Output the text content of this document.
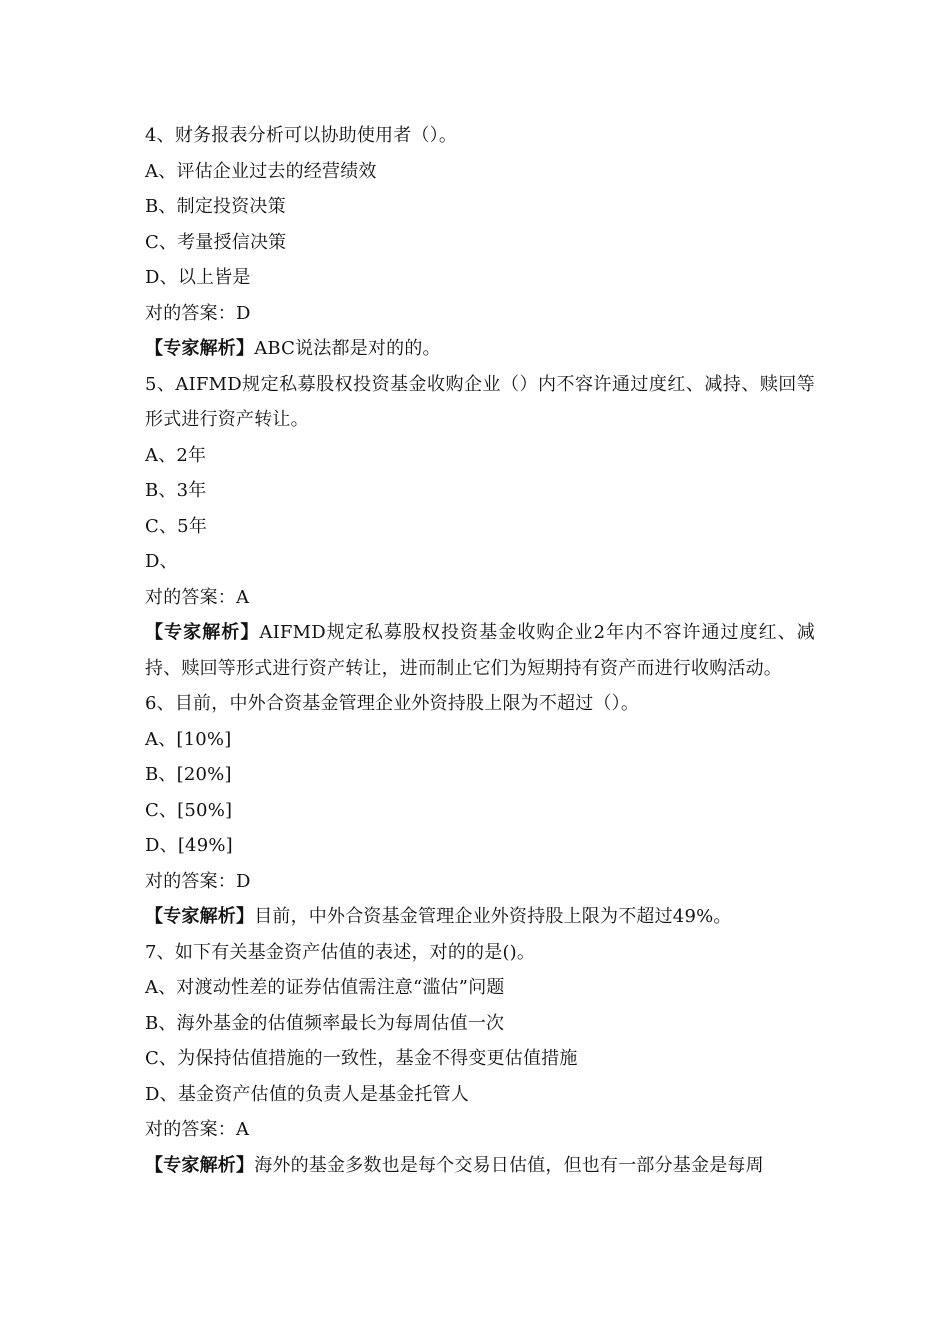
4、财务报表分析可以协助使用者（）。
A、评估企业过去的经营绩效
B、制定投资决策
C、考量授信决策
D、以上皆是
对的答案：D
【专家解析】ABC说法都是对的的。
5、AIFMD规定私募股权投资基金收购企业（）内不容许通过度红、减持、赎回等形式进行资产转让。
A、2年
B、3年
C、5年
D、
对的答案：A
【专家解析】AIFMD规定私募股权投资基金收购企业2年内不容许通过度红、减持、赎回等形式进行资产转让，进而制止它们为短期持有资产而进行收购活动。
6、目前，中外合资基金管理企业外资持股上限为不超过（）。
A、[10%]
B、[20%]
C、[50%]
D、[49%]
对的答案：D
【专家解析】目前，中外合资基金管理企业外资持股上限为不超过49%。
7、如下有关基金资产估值的表述，对的的是()。
A、对渡动性差的证券估值需注意“滥估”问题
B、海外基金的估值频率最长为每周估值一次
C、为保持估值措施的一致性，基金不得变更估值措施
D、基金资产估值的负责人是基金托管人
对的答案：A
【专家解析】海外的基金多数也是每个交易日估值，但也有一部分基金是每周
